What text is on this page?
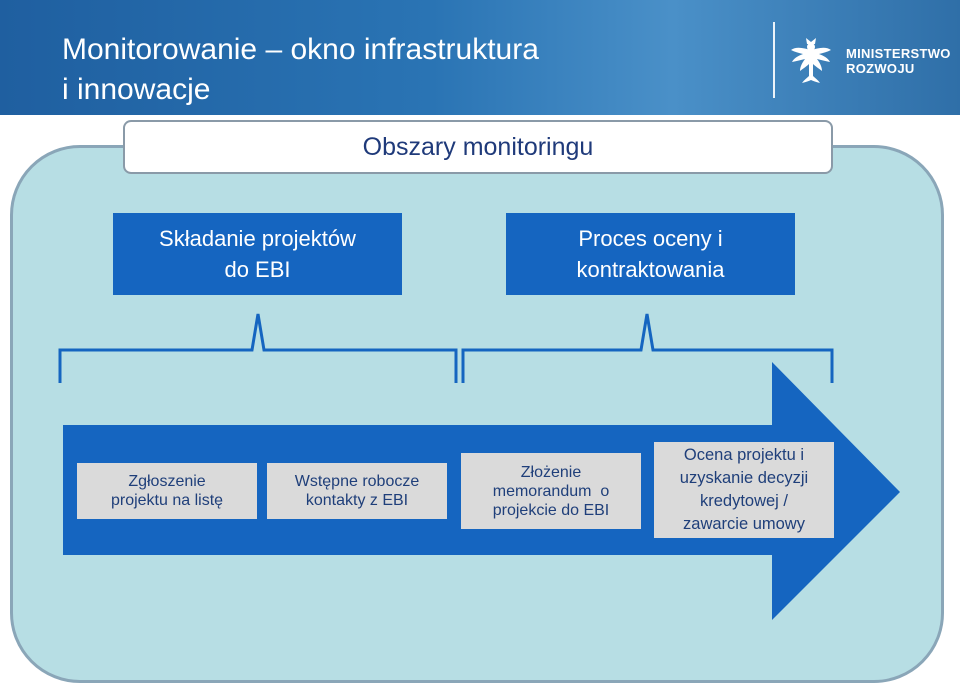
Monitorowanie – okno infrastruktura
i innowacje
MINISTERSTWO
ROZWOJU
Obszary monitoringu
Składanie projektów
do EBI
Proces oceny i
kontraktowania
Zgłoszenie
projektu na listę
Wstępne robocze
kontakty z EBI
Złożenie
memorandum  o
projekcie do EBI
Ocena projektu i
uzyskanie decyzji
kredytowej /
zawarcie umowy
